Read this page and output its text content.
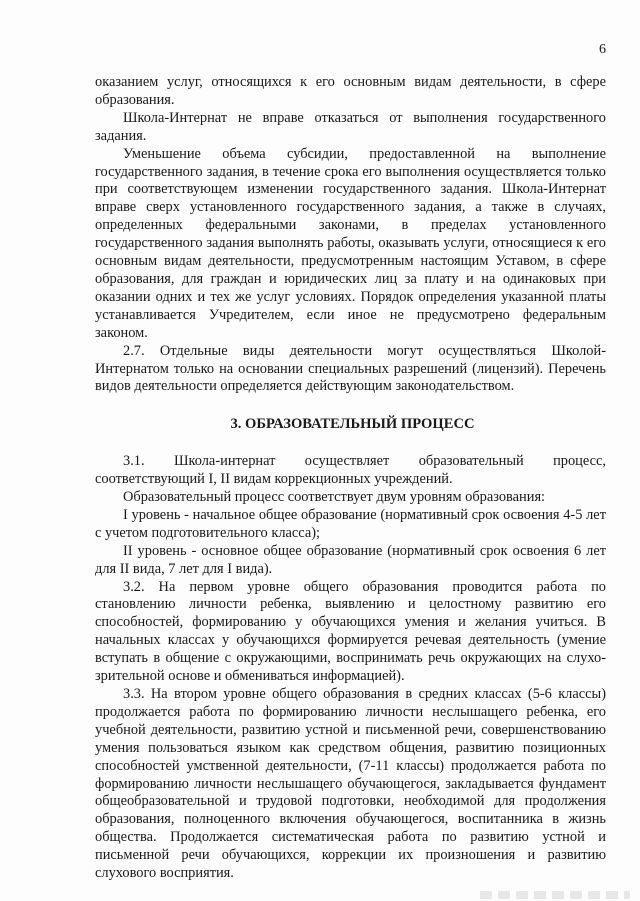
6

оказанием услуг, относящихся к его основным видам деятельности, в сфере образования.

Школа-Интернат не вправе отказаться от выполнения государственного задания.

Уменьшение объема субсидии, предоставленной на выполнение государственного задания, в течение срока его выполнения осуществляется только при соответствующем изменении государственного задания. Школа-Интернат вправе сверх установленного государственного задания, а также в случаях, определенных федеральными законами, в пределах установленного государственного задания выполнять работы, оказывать услуги, относящиеся к его основным видам деятельности, предусмотренным настоящим Уставом, в сфере образования, для граждан и юридических лиц за плату и на одинаковых при оказании одних и тех же услуг условиях. Порядок определения указанной платы устанавливается Учредителем, если иное не предусмотрено федеральным законом.

2.7. Отдельные виды деятельности могут осуществляться Школой-Интернатом только на основании специальных разрешений (лицензий). Перечень видов деятельности определяется действующим законодательством.

3. ОБРАЗОВАТЕЛЬНЫЙ ПРОЦЕСС

3.1. Школа-интернат осуществляет образовательный процесс, соответствующий I, II видам коррекционных учреждений.

Образовательный процесс соответствует двум уровням образования:

I уровень - начальное общее образование (нормативный срок освоения 4-5 лет с учетом подготовительного класса);

II уровень - основное общее образование (нормативный срок освоения 6 лет для II вида, 7 лет для I вида).

3.2. На первом уровне общего образования проводится работа по становлению личности ребенка, выявлению и целостному развитию его способностей, формированию у обучающихся умения и желания учиться. В начальных классах у обучающихся формируется речевая деятельность (умение вступать в общение с окружающими, воспринимать речь окружающих на слухо-зрительной основе и обмениваться информацией).

3.3. На втором уровне общего образования в средних классах (5-6 классы) продолжается работа по формированию личности неслышащего ребенка, его учебной деятельности, развитию устной и письменной речи, совершенствованию умения пользоваться языком как средством общения, развитию позиционных способностей умственной деятельности, (7-11 классы) продолжается работа по формированию личности неслышащего обучающегося, закладывается фундамент общеобразовательной и трудовой подготовки, необходимой для продолжения образования, полноценного включения обучающегося, воспитанника в жизнь общества. Продолжается систематическая работа по развитию устной и письменной речи обучающихся, коррекции их произношения и развитию слухового восприятия.
